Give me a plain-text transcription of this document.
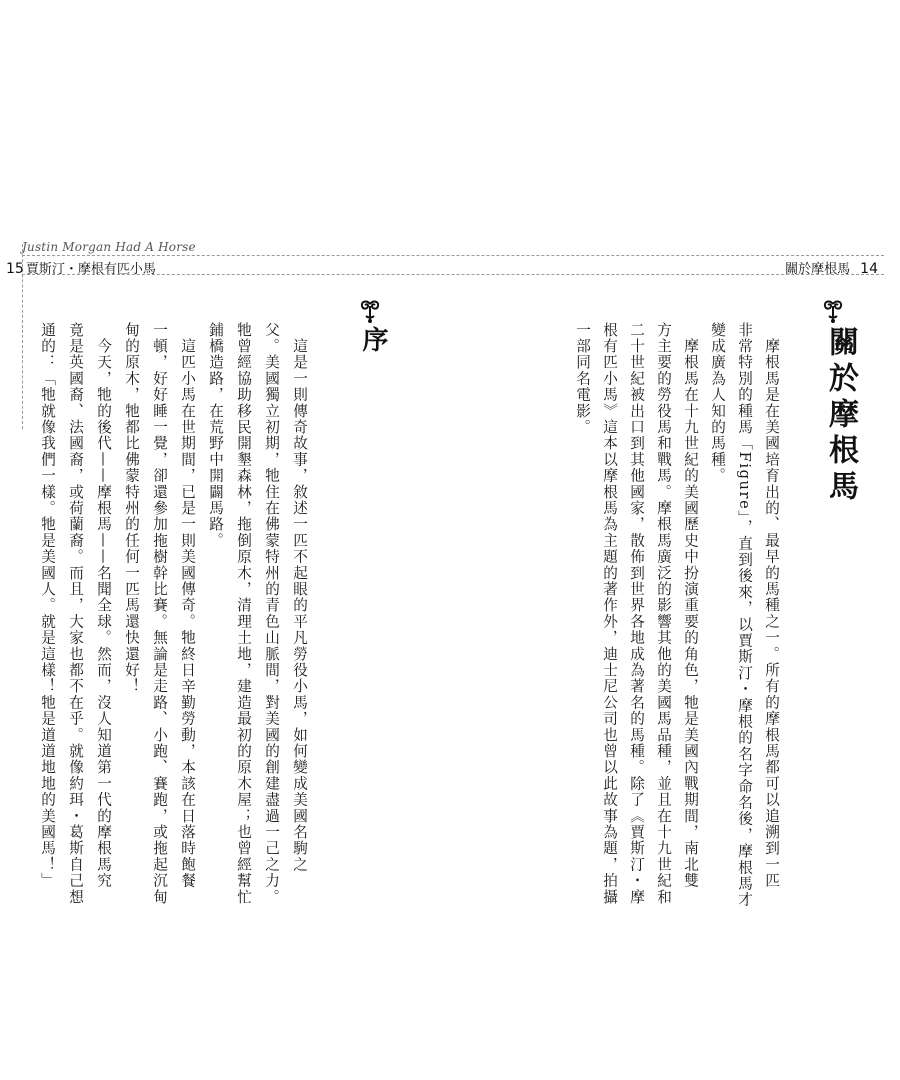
Justin Morgan Had A Horse
15 賈斯汀・摩根有匹小馬	關於摩根馬 14
關於摩根馬
　摩根馬是在美國培育出的、最早的馬種之一。所有的摩根馬都可以追溯到一匹
非常特別的種馬「Figure」，直到後來，以賈斯汀・摩根的名字命名後，摩根馬才
變成廣為人知的馬種。
　摩根馬在十九世紀的美國歷史中扮演重要的角色，牠是美國內戰期間，南北雙
方主要的勞役馬和戰馬。摩根馬廣泛的影響其他的美國馬品種，並且在十九世紀和
二十世紀被出口到其他國家，散佈到世界各地成為著名的馬種。除了《賈斯汀・摩
根有匹小馬》這本以摩根馬為主題的著作外，迪士尼公司也曾以此故事為題，拍攝
一部同名電影。
序
　這是一則傳奇故事，敘述一匹不起眼的平凡勞役小馬，如何變成美國名駒之
父。美國獨立初期，牠住在佛蒙特州的青色山脈間，對美國的創建盡過一己之力。
牠曾經協助移民開墾森林，拖倒原木，清理土地，建造最初的原木屋；也曾經幫忙
鋪橋造路，在荒野中開闢馬路。
　這匹小馬在世期間，已是一則美國傳奇。牠終日辛勤勞動，本該在日落時飽餐
一頓，好好睡一覺，卻還參加拖樹幹比賽。無論是走路、小跑、賽跑，或拖起沉甸
甸的原木，牠都比佛蒙特州的任何一匹馬還快還好！
　今天，牠的後代——摩根馬——名聞全球。然而，沒人知道第一代的摩根馬究
竟是英國裔、法國裔，或荷蘭裔。而且，大家也都不在乎。就像約珥・葛斯自己想
通的：「牠就像我們一樣。牠是美國人。就是這樣！牠是道道地地的美國馬！」
